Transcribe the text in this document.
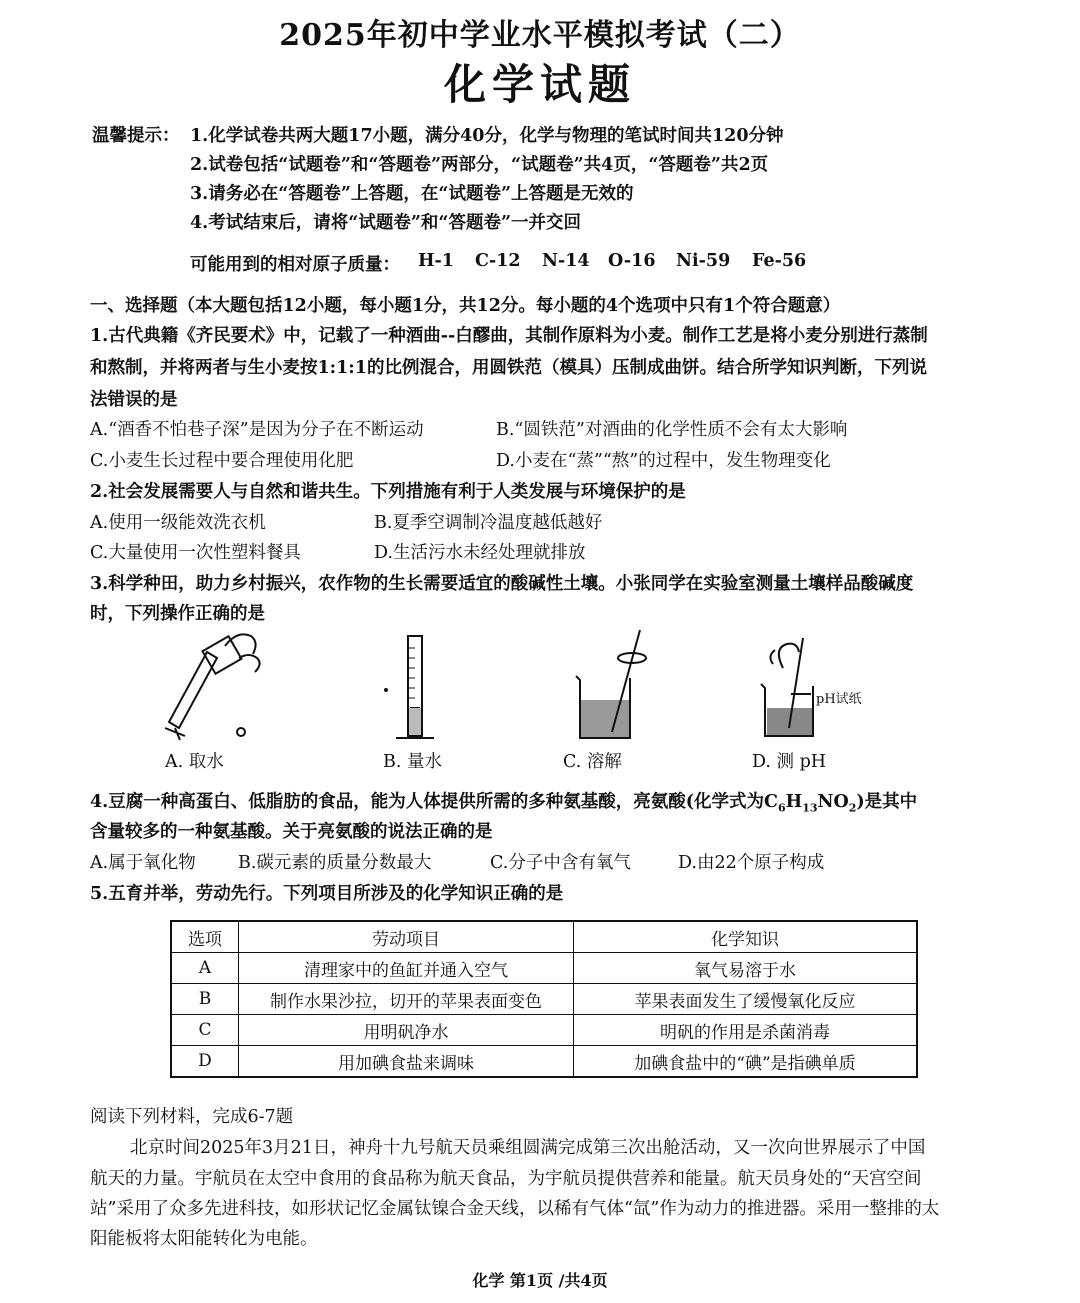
2025年初中学业水平模拟考试（二）
化学试题
温馨提示： 1.化学试卷共两大题17小题，满分40分，化学与物理的笔试时间共120分钟
2.试卷包括“试题卷”和“答题卷”两部分，“试题卷”共4页，“答题卷”共2页
3.请务必在“答题卷”上答题，在“试题卷”上答题是无效的
4.考试结束后，请将“试题卷”和“答题卷”一并交回
可能用到的相对原子质量： H-1 C-12 N-14 O-16 Ni-59 Fe-56
一、选择题（本大题包括12小题，每小题1分，共12分。每小题的4个选项中只有1个符合题意）
1.古代典籍《齐民要术》中，记载了一种酒曲--白醪曲，其制作原料为小麦。制作工艺是将小麦分别进行蒸制
和熬制，并将两者与生小麦按1:1:1的比例混合，用圆铁范（模具）压制成曲饼。结合所学知识判断，下列说
法错误的是
A.“酒香不怕巷子深”是因为分子在不断运动	B.“圆铁范”对酒曲的化学性质不会有太大影响
C.小麦生长过程中要合理使用化肥	D.小麦在“蒸”“熬”的过程中，发生物理变化
2.社会发展需要人与自然和谐共生。下列措施有利于人类发展与环境保护的是
A.使用一级能效洗衣机	B.夏季空调制冷温度越低越好
C.大量使用一次性塑料餐具	D.生活污水未经处理就排放
3.科学种田，助力乡村振兴，农作物的生长需要适宜的酸碱性土壤。小张同学在实验室测量土壤样品酸碱度
时，下列操作正确的是
A. 取水	B. 量水	C. 溶解
pH试纸
D. 测 pH
4.豆腐一种高蛋白、低脂肪的食品，能为人体提供所需的多种氨基酸，亮氨酸(化学式为$C_6H_{13}NO_2$)是其中
含量较多的一种氨基酸。关于亮氨酸的说法正确的是
A.属于氧化物 B.碳元素的质量分数最大	C.分子中含有氧气	D.由22个原子构成
5.五育并举，劳动先行。下列项目所涉及的化学知识正确的是
选项	劳动项目	化学知识
A	清理家中的鱼缸并通入空气	氧气易溶于水
B	制作水果沙拉，切开的苹果表面变色	苹果表面发生了缓慢氧化反应
C	用明矾净水	明矾的作用是杀菌消毒
D	用加碘食盐来调味	加碘食盐中的“碘”是指碘单质
阅读下列材料，完成6-7题
北京时间2025年3月21日，神舟十九号航天员乘组圆满完成第三次出舱活动，又一次向世界展示了中国
航天的力量。宇航员在太空中食用的食品称为航天食品，为宇航员提供营养和能量。航天员身处的“天宫空间
站”采用了众多先进科技，如形状记忆金属钛镍合金天线，以稀有气体“氙”作为动力的推进器。采用一整排的太
阳能板将太阳能转化为电能。
化学 第1页 /共4页
